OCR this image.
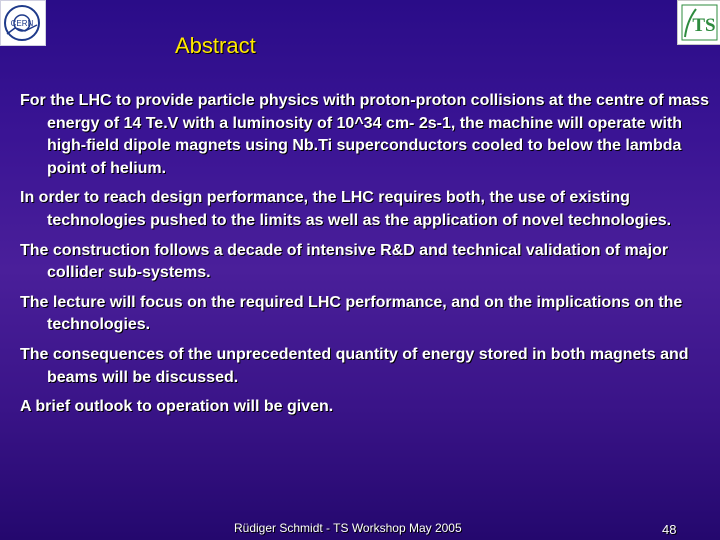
CERN	TS
Abstract

For the LHC to provide particle physics with proton-proton collisions at the centre of mass energy of 14 Te.V with a luminosity of 10^34 cm- 2s-1, the machine will operate with high-field dipole magnets using Nb.Ti superconductors cooled to below the lambda point of helium.

In order to reach design performance, the LHC requires both, the use of existing technologies pushed to the limits as well as the application of novel technologies.

The construction follows a decade of intensive R&D and technical validation of major collider sub-systems.

The lecture will focus on the required LHC performance, and on the implications on the technologies.

The consequences of the unprecedented quantity of energy stored in both magnets and beams will be discussed.

A brief outlook to operation will be given.

Rüdiger Schmidt - TS Workshop May 2005	48
